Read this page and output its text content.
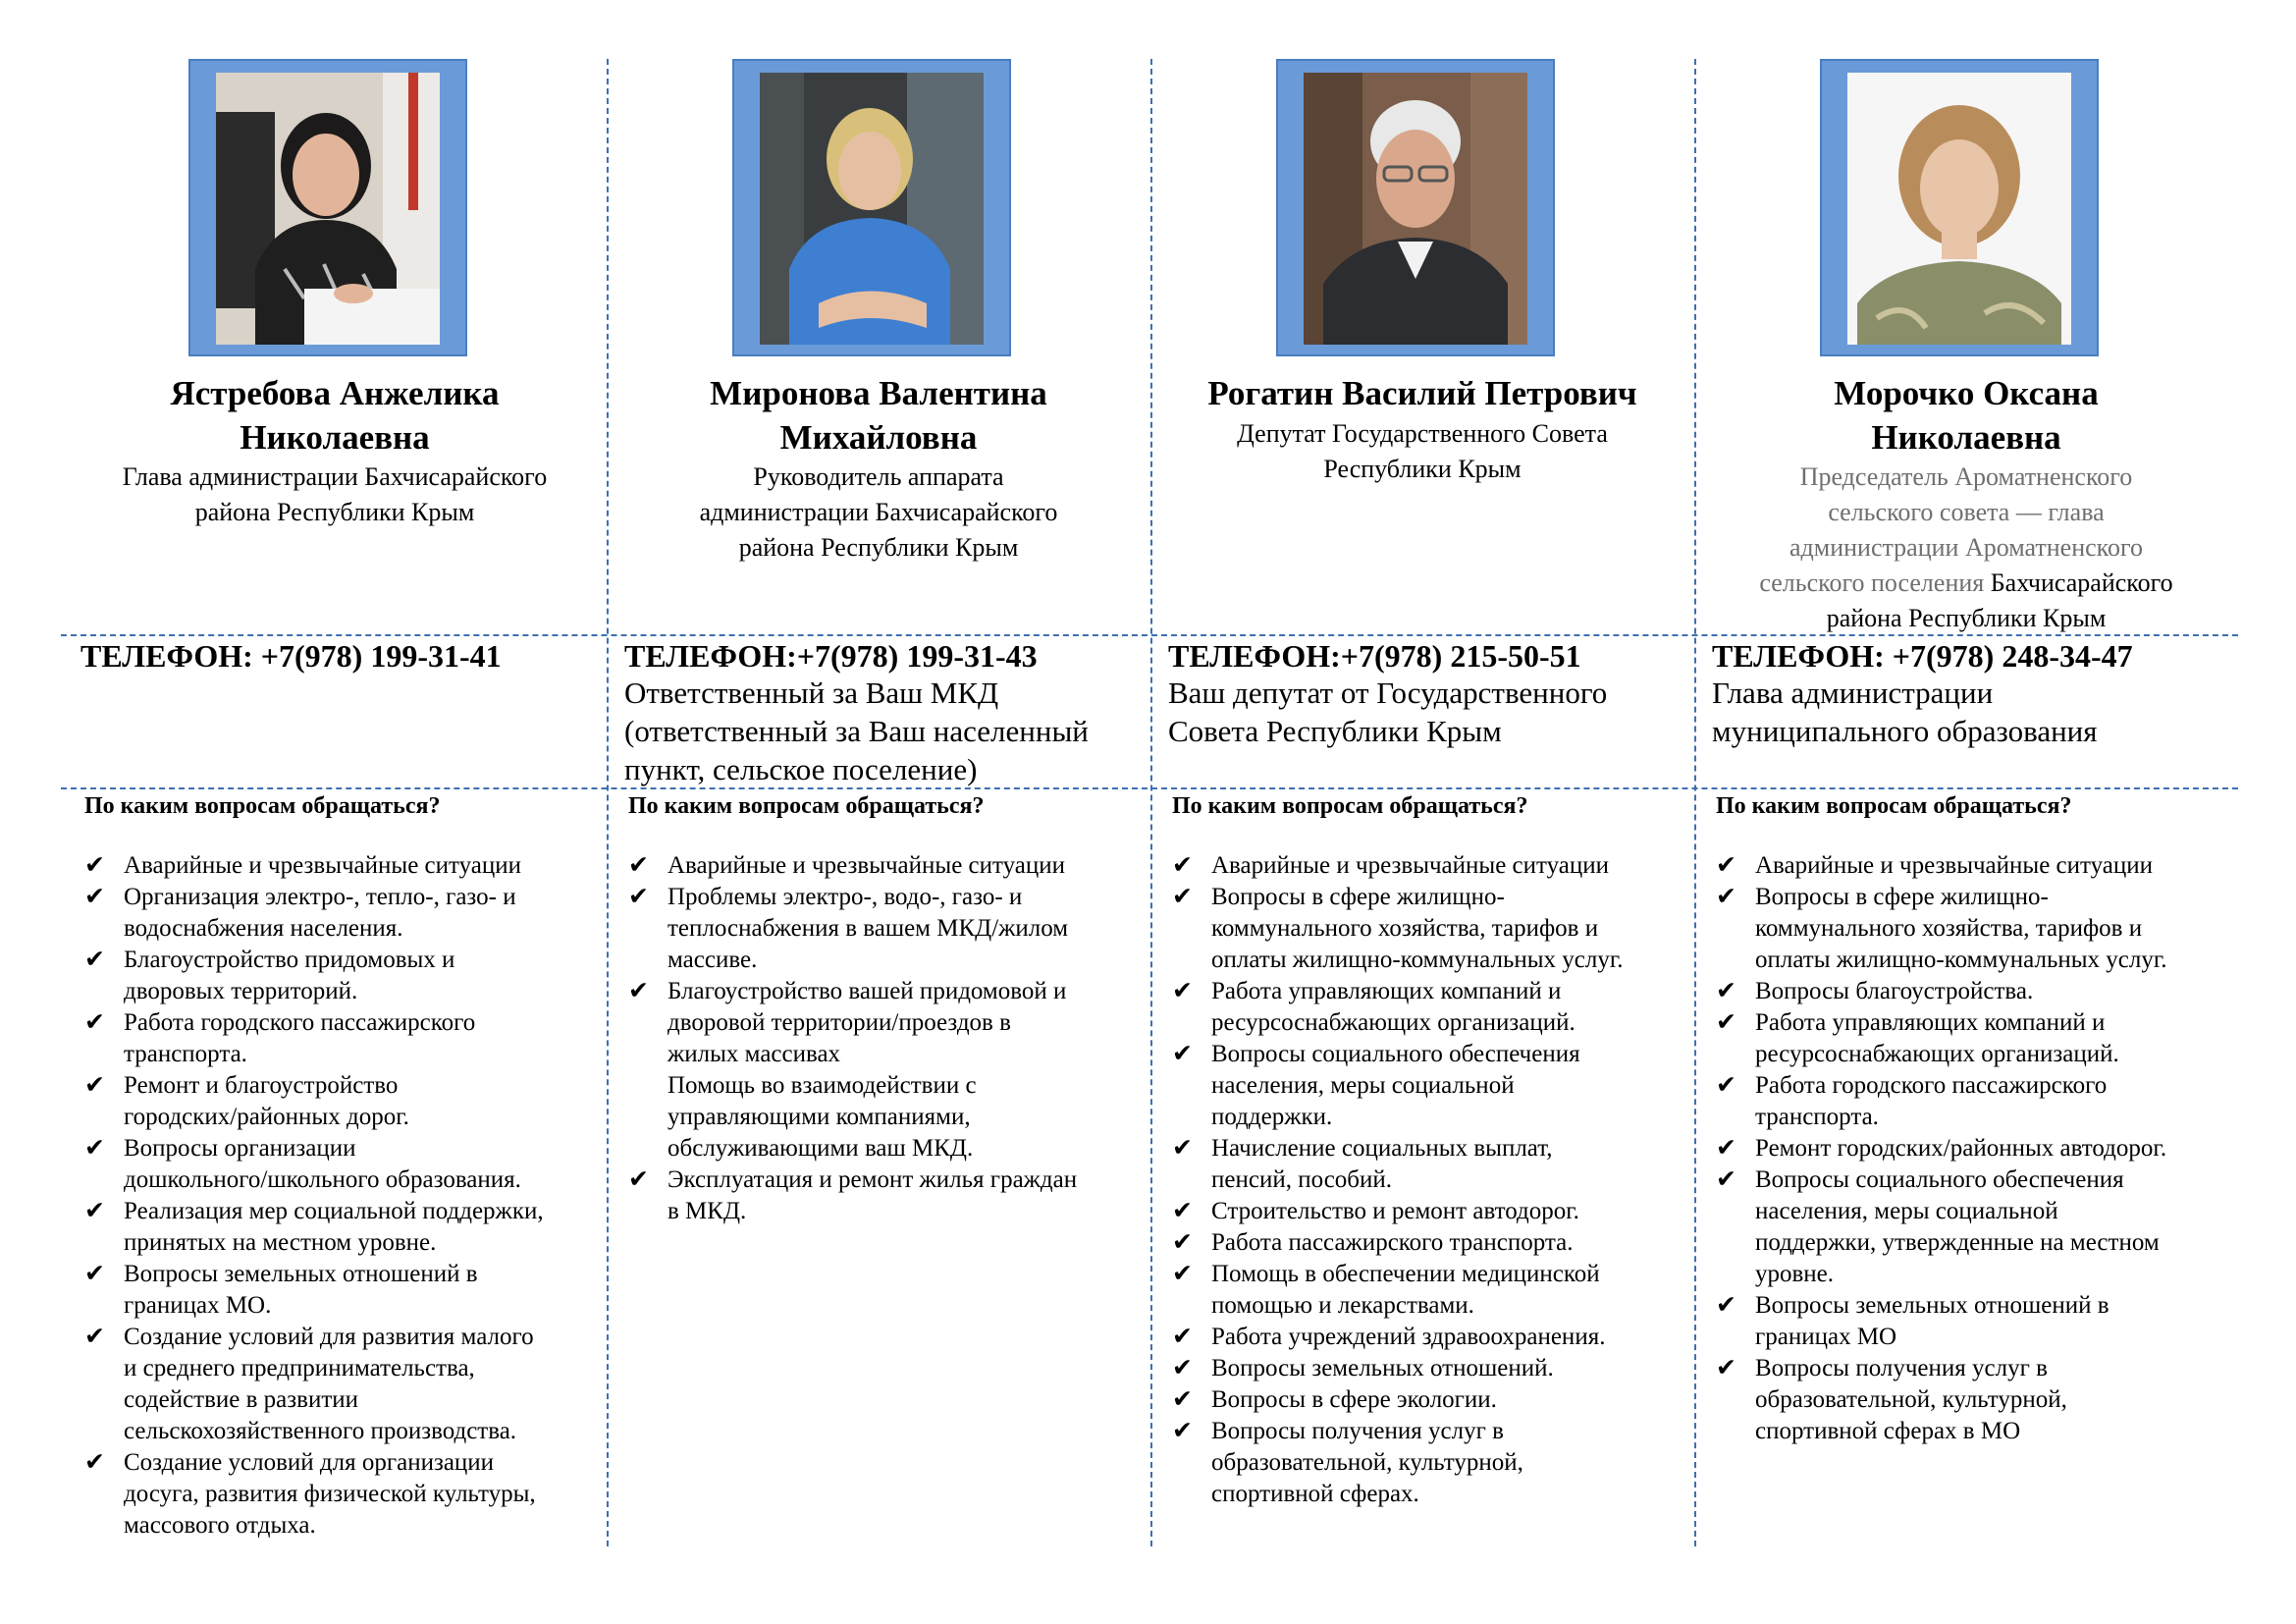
Ястребова Анжелика
Николаевна
Глава администрации Бахчисарайского
района Республики Крым
ТЕЛЕФОН: +7(978) 199-31-41
По каким вопросам обращаться?
✔ Аварийные и чрезвычайные ситуации
✔ Организация электро-, тепло-, газо- и
водоснабжения населения.
✔ Благоустройство придомовых и
дворовых территорий.
✔ Работа городского пассажирского
транспорта.
✔ Ремонт и благоустройство
городских/районных дорог.
✔ Вопросы организации
дошкольного/школьного образования.
✔ Реализация мер социальной поддержки,
принятых на местном уровне.
✔ Вопросы земельных отношений в
границах МО.
✔ Создание условий для развития малого
и среднего предпринимательства,
содействие в развитии
сельскохозяйственного производства.
✔ Создание условий для организации
досуга, развития физической культуры,
массового отдыха.
Миронова Валентина
Михайловна
Руководитель аппарата
администрации Бахчисарайского
района Республики Крым
ТЕЛЕФОН:+7(978) 199-31-43
Ответственный за Ваш МКД
(ответственный за Ваш населенный
пункт, сельское поселение)
По каким вопросам обращаться?
✔ Аварийные и чрезвычайные ситуации
✔ Проблемы электро-, водо-, газо- и
теплоснабжения в вашем МКД/жилом
массиве.
✔ Благоустройство вашей придомовой и
дворовой территории/проездов в
жилых массивах
Помощь во взаимодействии с
управляющими компаниями,
обслуживающими ваш МКД.
✔ Эксплуатация и ремонт жилья граждан
в МКД.
Рогатин Василий Петрович
Депутат Государственного Совета
Республики Крым
ТЕЛЕФОН:+7(978) 215-50-51
Ваш депутат от Государственного
Совета Республики Крым
По каким вопросам обращаться?
✔ Аварийные и чрезвычайные ситуации
✔ Вопросы в сфере жилищно-
коммунального хозяйства, тарифов и
оплаты жилищно-коммунальных услуг.
✔ Работа управляющих компаний и
ресурсоснабжающих организаций.
✔ Вопросы социального обеспечения
населения, меры социальной
поддержки.
✔ Начисление социальных выплат,
пенсий, пособий.
✔ Строительство и ремонт автодорог.
✔ Работа пассажирского транспорта.
✔ Помощь в обеспечении медицинской
помощью и лекарствами.
✔ Работа учреждений здравоохранения.
✔ Вопросы земельных отношений.
✔ Вопросы в сфере экологии.
✔ Вопросы получения услуг в
образовательной, культурной,
спортивной сферах.
Морочко Оксана
Николаевна
Председатель Ароматненского
сельского совета — глава
администрации Ароматненского
сельского поселения Бахчисарайского
района Республики Крым
ТЕЛЕФОН: +7(978) 248-34-47
Глава администрации
муниципального образования
По каким вопросам обращаться?
✔ Аварийные и чрезвычайные ситуации
✔ Вопросы в сфере жилищно-
коммунального хозяйства, тарифов и
оплаты жилищно-коммунальных услуг.
✔ Вопросы благоустройства.
✔ Работа управляющих компаний и
ресурсоснабжающих организаций.
✔ Работа городского пассажирского
транспорта.
✔ Ремонт городских/районных автодорог.
✔ Вопросы социального обеспечения
населения, меры социальной
поддержки, утвержденные на местном
уровне.
✔ Вопросы земельных отношений в
границах МО
✔ Вопросы получения услуг в
образовательной, культурной,
спортивной сферах в МО
